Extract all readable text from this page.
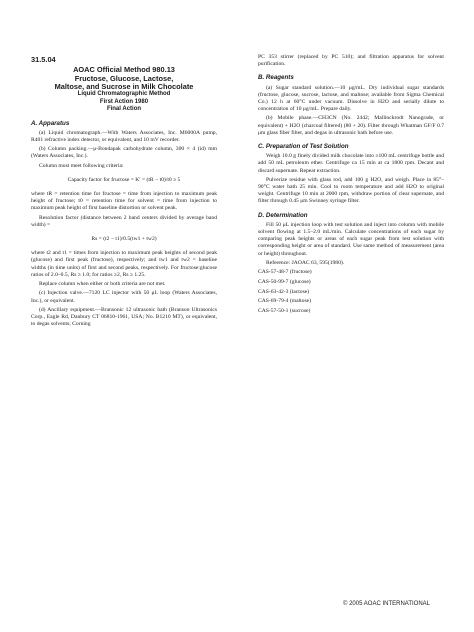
31.5.04
AOAC Official Method 980.13
Fructose, Glucose, Lactose,
Maltose, and Sucrose in Milk Chocolate
Liquid Chromatographic Method
First Action 1980
Final Action
A. Apparatus

(a) Liquid chromatograph.—With Waters Associates, Inc. M6000A pump, R401 refractive index detector, or equivalent, and 10 mV recorder.

(b) Column packing.—μ-Bondapak carbohydrate column, 300 × 4 (id) mm (Waters Associates, Inc.).

Column must meet following criteria:

Capacity factor for fructose = K′ = (tR − t0)/t0 ≥ 5

where tR = retention time for fructose = time from injection to maximum peak height of fructose; t0 = retention time for solvent = time from injection to maximum peak height of first baseline distortion or solvent peak.

Resolution factor (distance between 2 band centers divided by average band width) =

Rs = (t2 − t1)/0.5(tw1 + tw2)

where t2 and t1 = times from injection to maximum peak heights of second peak (glucose) and first peak (fructose), respectively; and tw1 and tw2 = baseline widths (in time units) of first and second peaks, respectively. For fructose:glucose ratios of 2.0–0.5, Rs ≥ 1.0; for ratios ≥2, Rs ≥ 1.25.

Replace column when either or both criteria are not met.

(c) Injection valve.—7120 LC injector with 50 μL loop (Waters Associates, Inc.), or equivalent.

(d) Ancillary equipment.—Bransonic 12 ultrasonic bath (Branson Ultrasonics Corp., Eagle Rd, Danbury CT 06810-1961, USA; No. B1210 MT), or equivalent, to degas solvents; Corning

PC 353 stirrer (replaced by PC 510); and filtration apparatus for solvent purification.

B. Reagents

(a) Sugar standard solution.—10 μg/mL. Dry individual sugar standards (fructose, glucose, sucrose, lactose, and maltose; available from Sigma Chemical Co.) 12 h at 60°C under vacuum. Dissolve in H2O and serially dilute to concentration of 10 μg/mL. Prepare daily.

(b) Mobile phase.—CH3CN (No. 2442; Mallinckrodt Nanograde, or equivalent) + H2O (charcoal filtered) (80 + 20). Filter through Whatman GF/F 0.7 μm glass fiber filter, and degas in ultrasonic bath before use.

C. Preparation of Test Solution

Weigh 10.0 g finely divided milk chocolate into ≥100 mL centrifuge bottle and add 50 mL petroleum ether. Centrifuge ca 15 min at ca 1800 rpm. Decant and discard supernate. Repeat extraction.

Pulverize residue with glass rod, add 100 g H2O, and weigh. Place in 85°–90°C water bath 25 min. Cool to room temperature and add H2O to original weight. Centrifuge 10 min at 2000 rpm, withdraw portion of clear supernate, and filter through 0.45 μm Swinney syringe filter.

D. Determination

Fill 50 μL injection loop with test solution and inject into column with mobile solvent flowing at 1.5–2.0 mL/min. Calculate concentrations of each sugar by comparing peak heights or areas of each sugar peak from test solution with corresponding height or area of standard. Use same method of measurement (area or height) throughout.

Reference: JAOAC 63, 595(1980).

CAS-57-48-7 (fructose)

CAS-50-99-7 (glucose)

CAS-63-42-3 (lactose)

CAS-69-79-4 (maltose)

CAS-57-50-1 (sucrose)

© 2005 AOAC INTERNATIONAL
